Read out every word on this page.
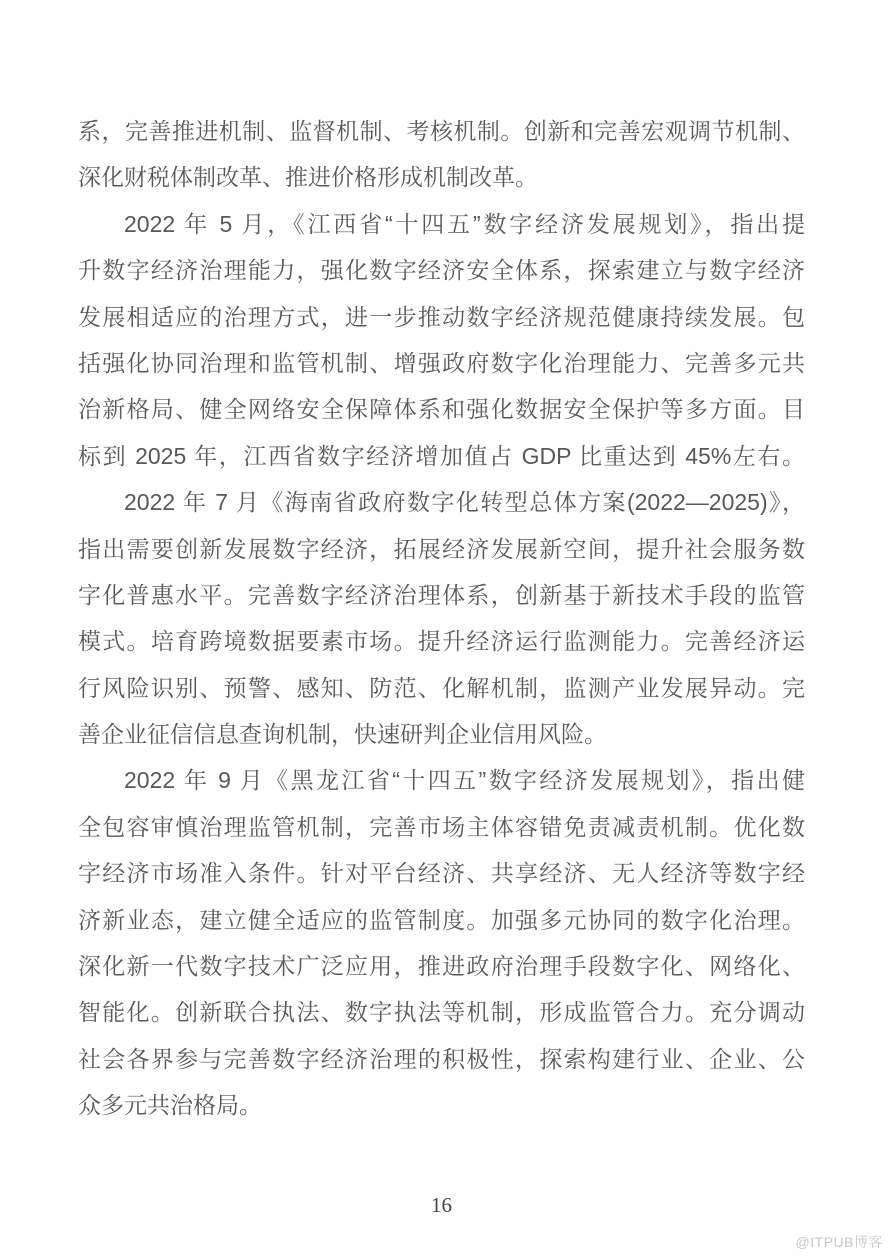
系，完善推进机制、监督机制、考核机制。创新和完善宏观调节机制、
深化财税体制改革、推进价格形成机制改革。

2022 年 5 月，《江西省“十四五”数字经济发展规划》，指出提
升数字经济治理能力，强化数字经济安全体系，探索建立与数字经济
发展相适应的治理方式，进一步推动数字经济规范健康持续发展。包
括强化协同治理和监管机制、增强政府数字化治理能力、完善多元共
治新格局、健全网络安全保障体系和强化数据安全保护等多方面。目
标到 2025 年，江西省数字经济增加值占 GDP 比重达到 45%左右。

2022 年 7 月《海南省政府数字化转型总体方案(2022—2025)》，
指出需要创新发展数字经济，拓展经济发展新空间，提升社会服务数
字化普惠水平。完善数字经济治理体系，创新基于新技术手段的监管
模式。培育跨境数据要素市场。提升经济运行监测能力。完善经济运
行风险识别、预警、感知、防范、化解机制，监测产业发展异动。完
善企业征信信息查询机制，快速研判企业信用风险。

2022 年 9 月《黑龙江省“十四五”数字经济发展规划》，指出健
全包容审慎治理监管机制，完善市场主体容错免责减责机制。优化数
字经济市场准入条件。针对平台经济、共享经济、无人经济等数字经
济新业态，建立健全适应的监管制度。加强多元协同的数字化治理。
深化新一代数字技术广泛应用，推进政府治理手段数字化、网络化、
智能化。创新联合执法、数字执法等机制，形成监管合力。充分调动
社会各界参与完善数字经济治理的积极性，探索构建行业、企业、公
众多元共治格局。

16
@ITPUB博客
